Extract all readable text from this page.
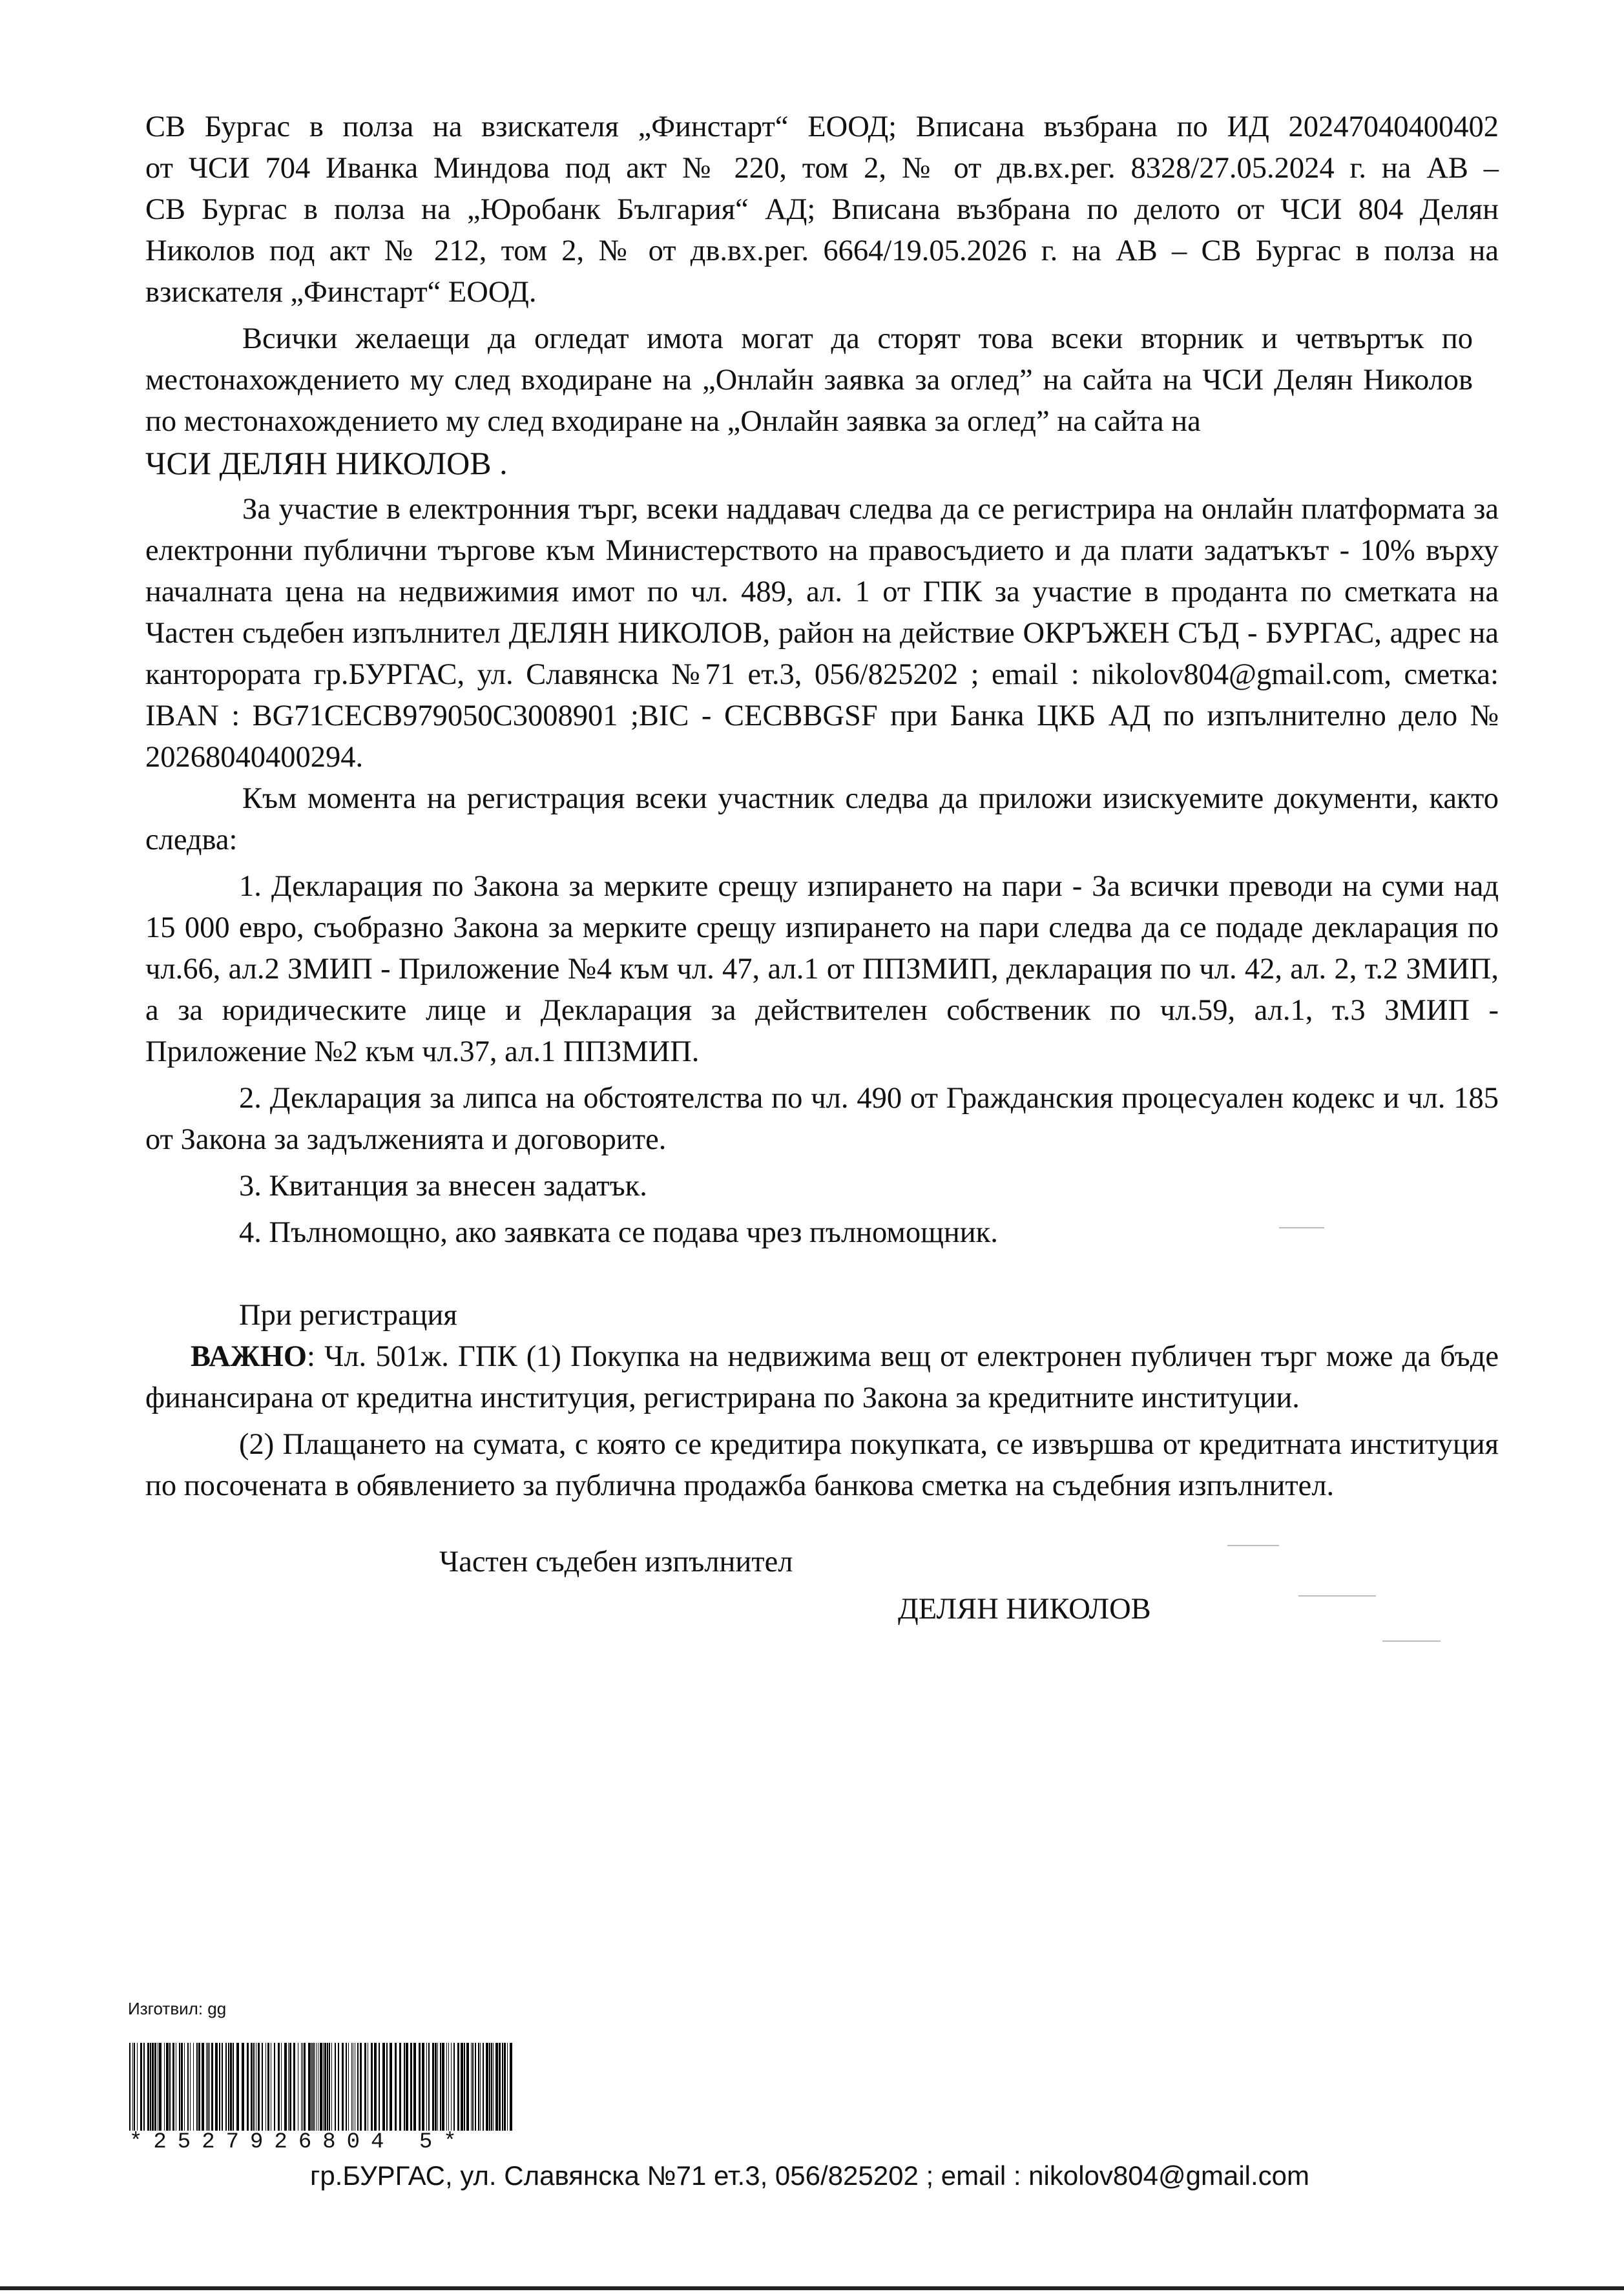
СВ Бургас в полза на взискателя „Финстарт“ ЕООД; Вписана възбрана по ИД 20247040400402

от ЧСИ 704 Иванка Миндова под акт № 220, том 2, № от дв.вх.рег. 8328/27.05.2024 г. на АВ –

СВ Бургас в полза на „Юробанк България“ АД; Вписана възбрана по делото от ЧСИ 804 Делян

Николов под акт № 212, том 2, № от дв.вх.рег. 6664/19.05.2026 г. на АВ – СВ Бургас в полза на

взискателя „Финстарт“ ЕООД.

Всички желаещи да огледат имота могат да сторят това всеки вторник и четвъртък по местонахождението му след входиране на „Онлайн заявка за оглед” на сайта на ЧСИ Делян Николов по местонахождението му след входиране на „Онлайн заявка за оглед” на сайта на

ЧСИ ДЕЛЯН НИКОЛОВ .

За участие в електронния търг, всеки наддавач следва да се регистрира на онлайн платформата за електронни публични търгове към Министерството на правосъдието и да плати задатъкът - 10% върху началната цена на недвижимия имот по чл. 489, ал. 1 от ГПК за участие в проданта по сметката на Частен съдебен изпълнител ДЕЛЯН НИКОЛОВ, район на действие ОКРЪЖЕН СЪД - БУРГАС, адрес на канторората гр.БУРГАС, ул. Славянска №71 ет.3, 056/825202 ; email : nikolov804@gmail.com, сметка: IBAN : BG71CECB979050C3008901 ;BIC - CECBBGSF при Банка ЦКБ АД по изпълнително дело № 20268040400294.

Към момента на регистрация всеки участник следва да приложи изискуемите документи, както следва:

1. Декларация по Закона за мерките срещу изпирането на пари - За всички преводи на суми над 15 000 евро, съобразно Закона за мерките срещу изпирането на пари следва да се подаде декларация по чл.66, ал.2 ЗМИП - Приложение №4 към чл. 47, ал.1 от ППЗМИП, декларация по чл. 42, ал. 2, т.2 ЗМИП, а за юридическите лице и Декларация за действителен собственик по чл.59, ал.1, т.3 ЗМИП - Приложение №2 към чл.37, ал.1 ППЗМИП.

2. Декларация за липса на обстоятелства по чл. 490 от Гражданския процесуален кодекс и чл. 185 от Закона за задълженията и договорите.

3. Квитанция за внесен задатък.

4. Пълномощно, ако заявката се подава чрез пълномощник.

При регистрация

ВАЖНО: Чл. 501ж. ГПК (1) Покупка на недвижима вещ от електронен публичен търг може да бъде финансирана от кредитна институция, регистрирана по Закона за кредитните институции.

(2) Плащането на сумата, с която се кредитира покупката, се извършва от кредитната институция по посочената в обявлението за публична продажба банкова сметка на съдебния изпълнител.

Частен съдебен изпълнител
ДЕЛЯН НИКОЛОВ
Изготвил: gg
*2527926804 5*
гр.БУРГАС, ул. Славянска №71 ет.3, 056/825202 ; email : nikolov804@gmail.com
